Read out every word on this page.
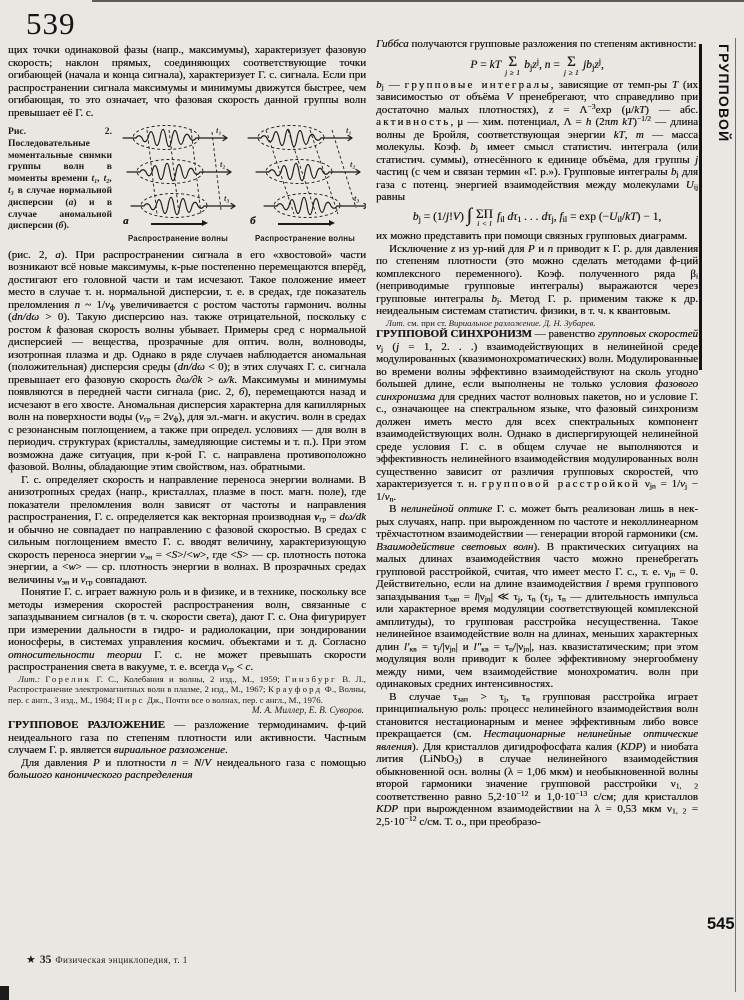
539

щих точки одинаковой фазы (напр., максимумы), характеризует фазовую скорость; наклон прямых, соединяющих соответствующие точки огибающей (начала и конца сигнала), характеризует Г. с. сигнала. Если при распространении сигнала максимумы и минимумы движутся быстрее, чем огибающая, то это означает, что фазовая скорость данной группы волн превышает её Г. с.

Рис. 2. Последовательные моментальные снимки группы волн в моменты времени t₁, t₂, t₃ в случае нормальной дисперсии (а) и в случае аномальной дисперсии (б).
t₁
t₂
t₃
а
Распространение волны
t₁
t₂
t₃
б
Распространение волны

(рис. 2, а). При распространении сигнала в его «хвостовой» части возникают всё новые максимумы, к-рые постепенно перемещаются вперёд, достигают его головной части и там исчезают. Такое положение имеет место в случае т. н. нормальной дисперсии, т. е. в средах, где показатель преломления n ~ 1/vф увеличивается с ростом частоты гармонич. волны (dn/dω > 0). Такую дисперсию наз. также отрицательной, поскольку с ростом k фазовая скорость волны убывает. Примеры сред с нормальной дисперсией — вещества, прозрачные для оптич. волн, волноводы, изотропная плазма и др. Однако в ряде случаев наблюдается аномальная (положительная) дисперсия среды (dn/dω < 0); в этих случаях Г. с. сигнала превышает его фазовую скорость ∂ω/∂k > ω/k. Максимумы и минимумы появляются в передней части сигнала (рис. 2, б), перемещаются назад и исчезают в его хвосте. Аномальная дисперсия характерна для капиллярных волн на поверхности воды (vгр = 2vф), для эл.-магн. и акустич. волн в средах с резонансным поглощением, а также при определ. условиях — для волн в периодич. структурах (кристаллы, замедляющие системы и т. п.). При этом возможна даже ситуация, при к-рой Г. с. направлена противоположно фазовой. Волны, обладающие этим свойством, наз. обратными.

Г. с. определяет скорость и направление переноса энергии волнами. В анизотропных средах (напр., кристаллах, плазме в пост. магн. поле), где показатели преломления волн зависят от частоты и направления распространения, Г. с. определяется как векторная производная vгр = dω/dk и обычно не совпадает по направлению с фазовой скоростью. В средах с сильным поглощением вместо Г. с. вводят величину, характеризующую скорость переноса энергии vэн = <S>/<w>, где <S> — ср. плотность потока энергии, а <w> — ср. плотность энергии в волнах. В прозрачных средах величины vэн и vгр совпадают.

Понятие Г. с. играет важную роль и в физике, и в технике, поскольку все методы измерения скоростей распространения волн, связанные с запаздыванием сигналов (в т. ч. скорости света), дают Г. с. Она фигурирует при измерении дальности в гидро- и радиолокации, при зондировании ионосферы, в системах управления космич. объектами и т. д. Согласно относительности теории Г. с. не может превышать скорости распространения света в вакууме, т. е. всегда vгр < c.

Лит.: Горелик Г. С., Колебания и волны, 2 изд., М., 1959; Гинзбург В. Л., Распространение электромагнитных волн в плазме, 2 изд., М., 1967; Крауфорд Ф., Волны, пер. с англ., 3 изд., М., 1984; Пирс Дж., Почти все о волнах, пер. с англ., М., 1976.

М. А. Миллер, Е. В. Суворов.

ГРУППОВОЕ РАЗЛОЖЕНИЕ — разложение термодинамич. ф-ций неидеального газа по степеням плотности или активности. Частным случаем Г. р. является вириальное разложение.

Для давления P и плотности n = N/V неидеального газа с помощью большого канонического распределения

Гиббса получаются групповые разложения по степеням активности:

P = kT Σ
j ≥ 1
bjz$^j$, n = Σ
j ≥ 1
jbjz$^j$,

bj — групповые интегралы, зависящие от темп-ры T (их зависимостью от объёма V пренебрегают, что справедливо при достаточно малых плотностях), $z = \Lambda^{-3}\exp$ (μ/kT) — абс. активность, μ — хим. потенциал, Λ = h (2πm kT)$^{-1/2}$ — длина волны де Бройля, соответствующая энергии kT, m — масса молекулы. Коэф. bj имеет смысл статистич. интеграла (или статистич. суммы), отнесённого к единице объёма, для группы j частиц (с чем и связан термин «Г. р.»). Групповые интегралы bj для газа с потенц. энергией взаимодействия между молекулами Uij равны

bj = (1/j!V) ∫ ΣΠ
i < l
fil dτ1 . . . dτj, fil = exp (−Uil/kT) − 1,

их можно представить при помощи связных групповых диаграмм.

Исключение z из ур-ний для P и n приводит к Г. р. для давления по степеням плотности (это можно сделать методами ф-ций комплексного переменного). Коэф. полученного ряда βi (неприводимые групповые интегралы) выражаются через групповые интегралы bj. Метод Г. р. применим также к др. неидеальным системам статистич. физики, в т. ч. к квантовым.

Лит. см. при ст. Вириальное разложение. Д. Н. Зубарев.

ГРУППОВОЙ СИНХРОНИЗМ — равенство групповых скоростей vj (j = 1, 2. . .) взаимодействующих в нелинейной среде модулированных (квазимонохроматических) волн. Модулированные во времени волны эффективно взаимодействуют на сколь угодно большей длине, если выполнены не только условия фазового синхронизма для средних частот волновых пакетов, но и условие Г. с., означающее на спектральном языке, что фазовый синхронизм должен иметь место для всех спектральных компонент взаимодействующих волн. Однако в диспергирующей нелинейной среде условия Г. с. в общем случае не выполняются и эффективность нелинейного взаимодействия модулированных волн существенно зависит от различия групповых скоростей, что характеризуется т. н. групповой расстройкой νjn = 1/vj − 1/vn.

В нелинейной оптике Г. с. может быть реализован лишь в нек-рых случаях, напр. при вырожденном по частоте и неколлинеарном трёхчастотном взаимодействии — генерации второй гармоники (см. Взаимодействие световых волн). В практических ситуациях на малых длинах взаимодействия часто можно пренебрегать групповой расстройкой, считая, что имеет место Г. с., т. е. νjn = 0. Действительно, если на длине взаимодействия l время группового запаздывания τзап = l|νjn| ≪ τj, τn (τj, τn — длительность импульса или характерное время модуляции соответствующей комплексной амплитуды), то групповая расстройка несущественна. Такое нелинейное взаимодействие волн на длинах, меньших характерных длин l′кв = τj/|νjn| и l″кв = τn/|νjn|, наз. квазистатическим; при этом модуляция волн приводит к более эффективному энергообмену между ними, чем взаимодействие монохроматич. волн при одинаковых средних интенсивностях.

В случае τзап > τj, τn групповая расстройка играет принципиальную роль: процесс нелинейного взаимодействия волн становится нестационарным и менее эффективным либо вовсе прекращается (см. Нестационарные нелинейные оптические явления). Для кристаллов дигидрофосфата калия (KDP) и ниобата лития (LiNbO3) в случае нелинейного взаимодействия обыкновенной осн. волны (λ = 1,06 мкм) и необыкновенной волны второй гармоники значение групповой расстройки ν1, 2 соответственно равно $5,2\cdot 10^{-12}$ и $1,0\cdot 10^{-13}$ с/см; для кристаллов KDP при вырожденном взаимодействии на λ = 0,53 мкм ν1, $2 = 2,5\cdot 10^{-12}$ с/см. Т. о., при преобразо-

ГРУППОВОЙ
545
★ 35 Физическая энциклопедия, т. 1
